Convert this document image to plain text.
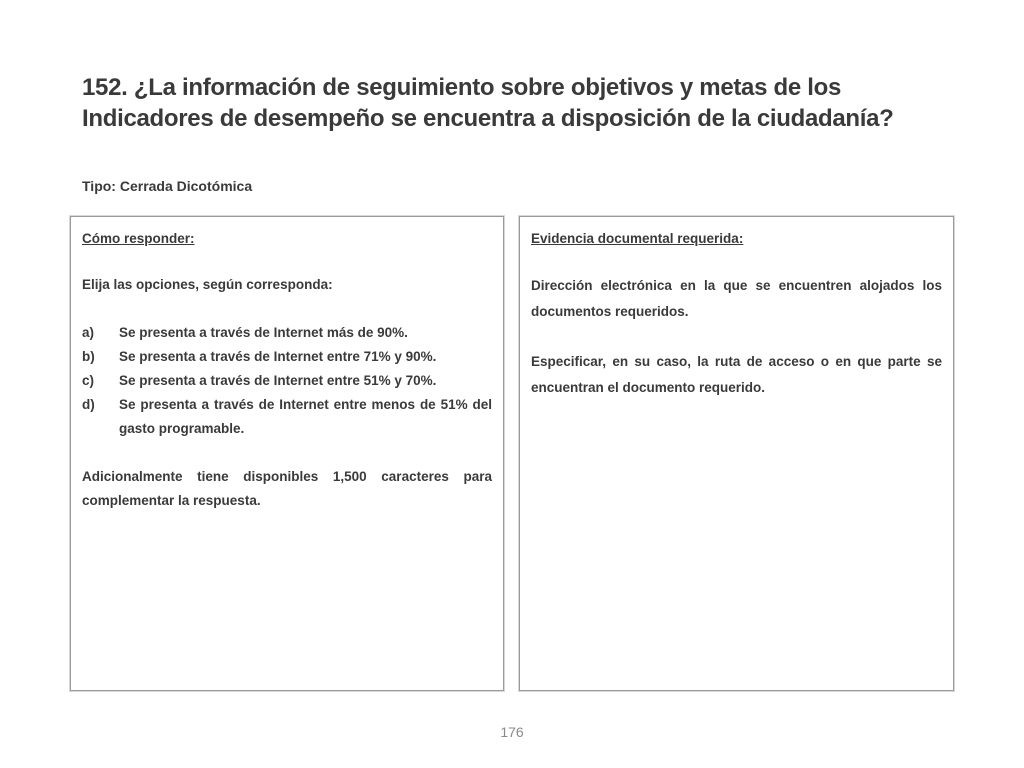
152. ¿La información de seguimiento sobre objetivos y metas de los Indicadores de desempeño se encuentra a disposición de la ciudadanía?
Tipo: Cerrada Dicotómica
Cómo responder:

Elija las opciones, según corresponda:

a) Se presenta a través de Internet más de 90%.
b) Se presenta a través de Internet entre 71% y 90%.
c) Se presenta a través de Internet entre 51% y 70%.
d) Se presenta a través de Internet entre menos de 51% del gasto programable.

Adicionalmente tiene disponibles 1,500 caracteres para complementar la respuesta.

Evidencia documental requerida:

Dirección electrónica en la que se encuentren alojados los documentos requeridos.

Especificar, en su caso, la ruta de acceso o en que parte se encuentran el documento requerido.

176
